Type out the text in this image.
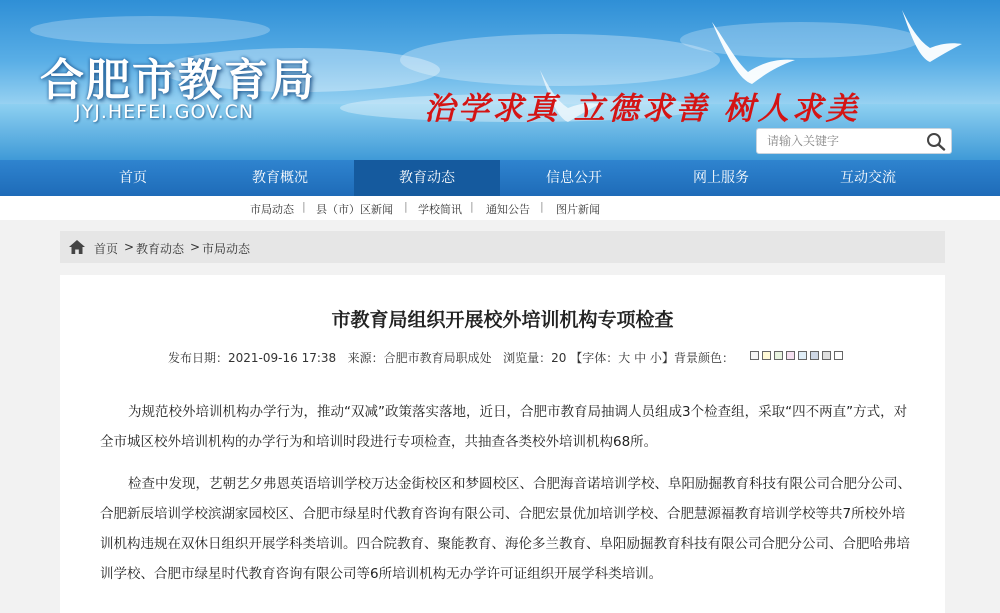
合肥市教育局
JYJ.HEFEI.GOV.CN	治学求真 立德求善 树人求美
请输入关键字
首页	教育概况	教育动态	信息公开	网上服务	互动交流
市局动态 | 县（市）区新闻 | 学校简讯 | 通知公告 | 图片新闻
首页 > 教育动态 > 市局动态
市教育局组织开展校外培训机构专项检查
发布日期：2021-09-16 17:38 来源：合肥市教育局职成处 浏览量：20 【字体：大 中 小】背景颜色：
为规范校外培训机构办学行为，推动“双减”政策落实落地，近日，合肥市教育局抽调人员组成3个检查组，采取“四不两直”方式，对全市城区校外培训机构的办学行为和培训时段进行专项检查，共抽查各类校外培训机构68所。
检查中发现，艺朝艺夕弗恩英语培训学校万达金街校区和梦圆校区、合肥海音诺培训学校、阜阳励掘教育科技有限公司合肥分公司、合肥新辰培训学校滨湖家园校区、合肥市绿星时代教育咨询有限公司、合肥宏景优加培训学校、合肥慧源福教育培训学校等共7所校外培训机构违规在双休日组织开展学科类培训。四合院教育、聚能教育、海伦多兰教育、阜阳励掘教育科技有限公司合肥分公司、合肥哈弗培训学校、合肥市绿星时代教育咨询有限公司等6所培训机构无办学许可证组织开展学科类培训。
